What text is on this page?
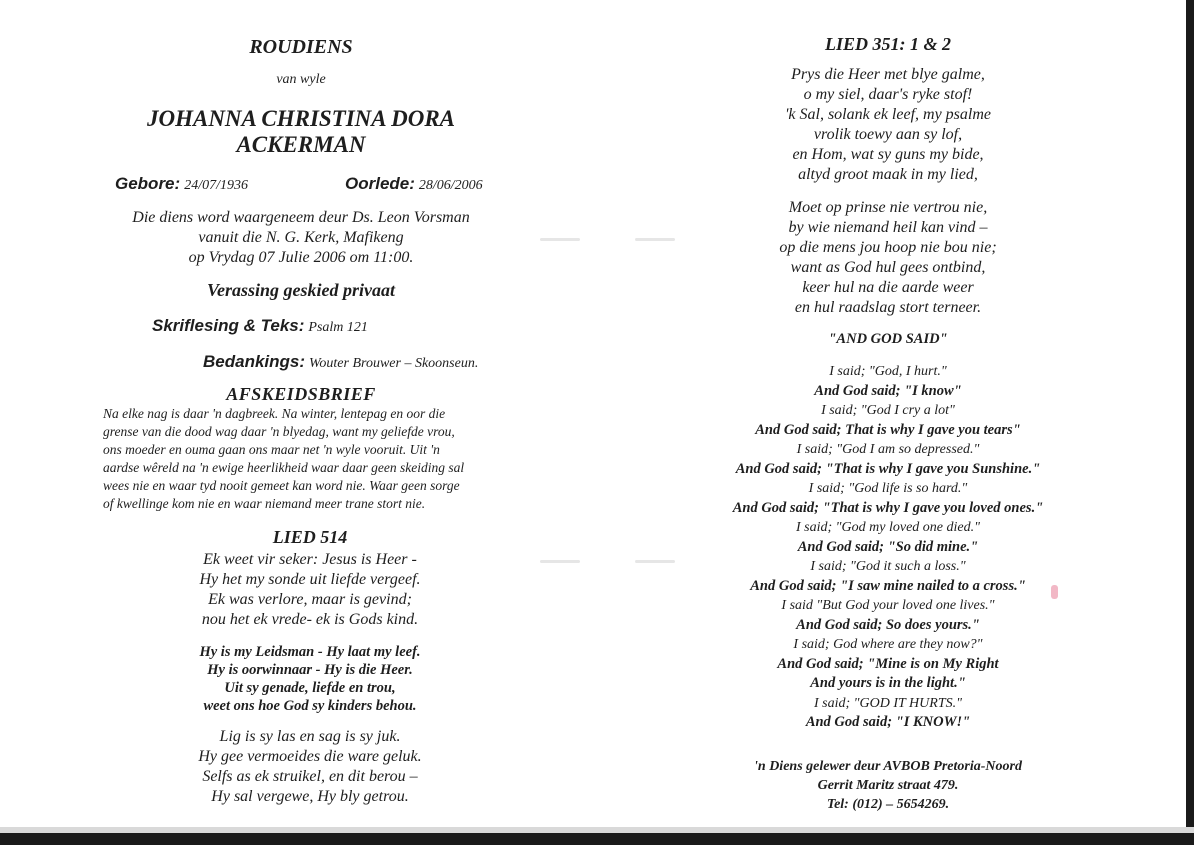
ROUDIENS
van wyle
JOHANNA CHRISTINA DORA
ACKERMAN
Gebore: 24/07/1936	Oorlede: 28/06/2006
Die diens word waargeneem deur Ds. Leon Vorsman
vanuit die N. G. Kerk, Mafikeng
op Vrydag 07 Julie 2006 om 11:00.
Verassing geskied privaat
Skriflesing & Teks: Psalm 121
Bedankings: Wouter Brouwer – Skoonseun.
AFSKEIDSBRIEF
Na elke nag is daar 'n dagbreek. Na winter, lentepag en oor die
grense van die dood wag daar 'n blyedag, want my geliefde vrou,
ons moeder en ouma gaan ons maar net 'n wyle vooruit. Uit 'n
aardse wêreld na 'n ewige heerlikheid waar daar geen skeiding sal
wees nie en waar tyd nooit gemeet kan word nie. Waar geen sorge
of kwellinge kom nie en waar niemand meer trane stort nie.
LIED 514
Ek weet vir seker: Jesus is Heer -
Hy het my sonde uit liefde vergeef.
Ek was verlore, maar is gevind;
nou het ek vrede- ek is Gods kind.
Hy is my Leidsman - Hy laat my leef.
Hy is oorwinnaar - Hy is die Heer.
Uit sy genade, liefde en trou,
weet ons hoe God sy kinders behou.
Lig is sy las en sag is sy juk.
Hy gee vermoeides die ware geluk.
Selfs as ek struikel, en dit berou –
Hy sal vergewe, Hy bly getrou.
LIED 351: 1 & 2
Prys die Heer met blye galme,
o my siel, daar's ryke stof!
'k Sal, solank ek leef, my psalme
vrolik toewy aan sy lof,
en Hom, wat sy guns my bide,
altyd groot maak in my lied,
Moet op prinse nie vertrou nie,
by wie niemand heil kan vind –
op die mens jou hoop nie bou nie;
want as God hul gees ontbind,
keer hul na die aarde weer
en hul raadslag stort terneer.
"AND GOD SAID"
I said; "God, I hurt."
And God said; "I know"
I said; "God I cry a lot"
And God said; That is why I gave you tears"
I said; "God I am so depressed."
And God said; "That is why I gave you Sunshine."
I said; "God life is so hard."
And God said; "That is why I gave you loved ones."
I said; "God my loved one died."
And God said; "So did mine."
I said; "God it such a loss."
And God said; "I saw mine nailed to a cross."
I said "But God your loved one lives."
And God said; So does yours."
I said; God where are they now?"
And God said; "Mine is on My Right
And yours is in the light."
I said; "GOD IT HURTS."
And God said; "I KNOW!"
'n Diens gelewer deur AVBOB Pretoria-Noord
Gerrit Maritz straat 479.
Tel: (012) – 5654269.
